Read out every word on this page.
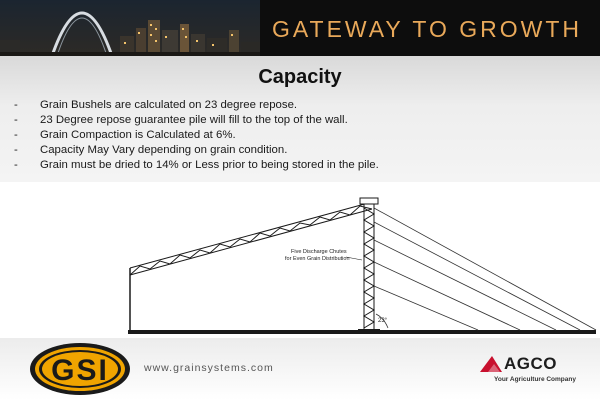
GATEWAY TO GROWTH
Capacity
- Grain Bushels are calculated on 23 degree repose.
- 23 Degree repose guarantee pile will fill to the top of the wall.
- Grain Compaction is Calculated at 6%.
- Capacity May Vary depending on grain condition.
- Grain must be dried to 14% or Less prior to being stored in the pile.
23°
Five Discharge Chutes
for Even Grain Distribution
GSI	www.grainsystems.com	AGCO
Your Agriculture Company
